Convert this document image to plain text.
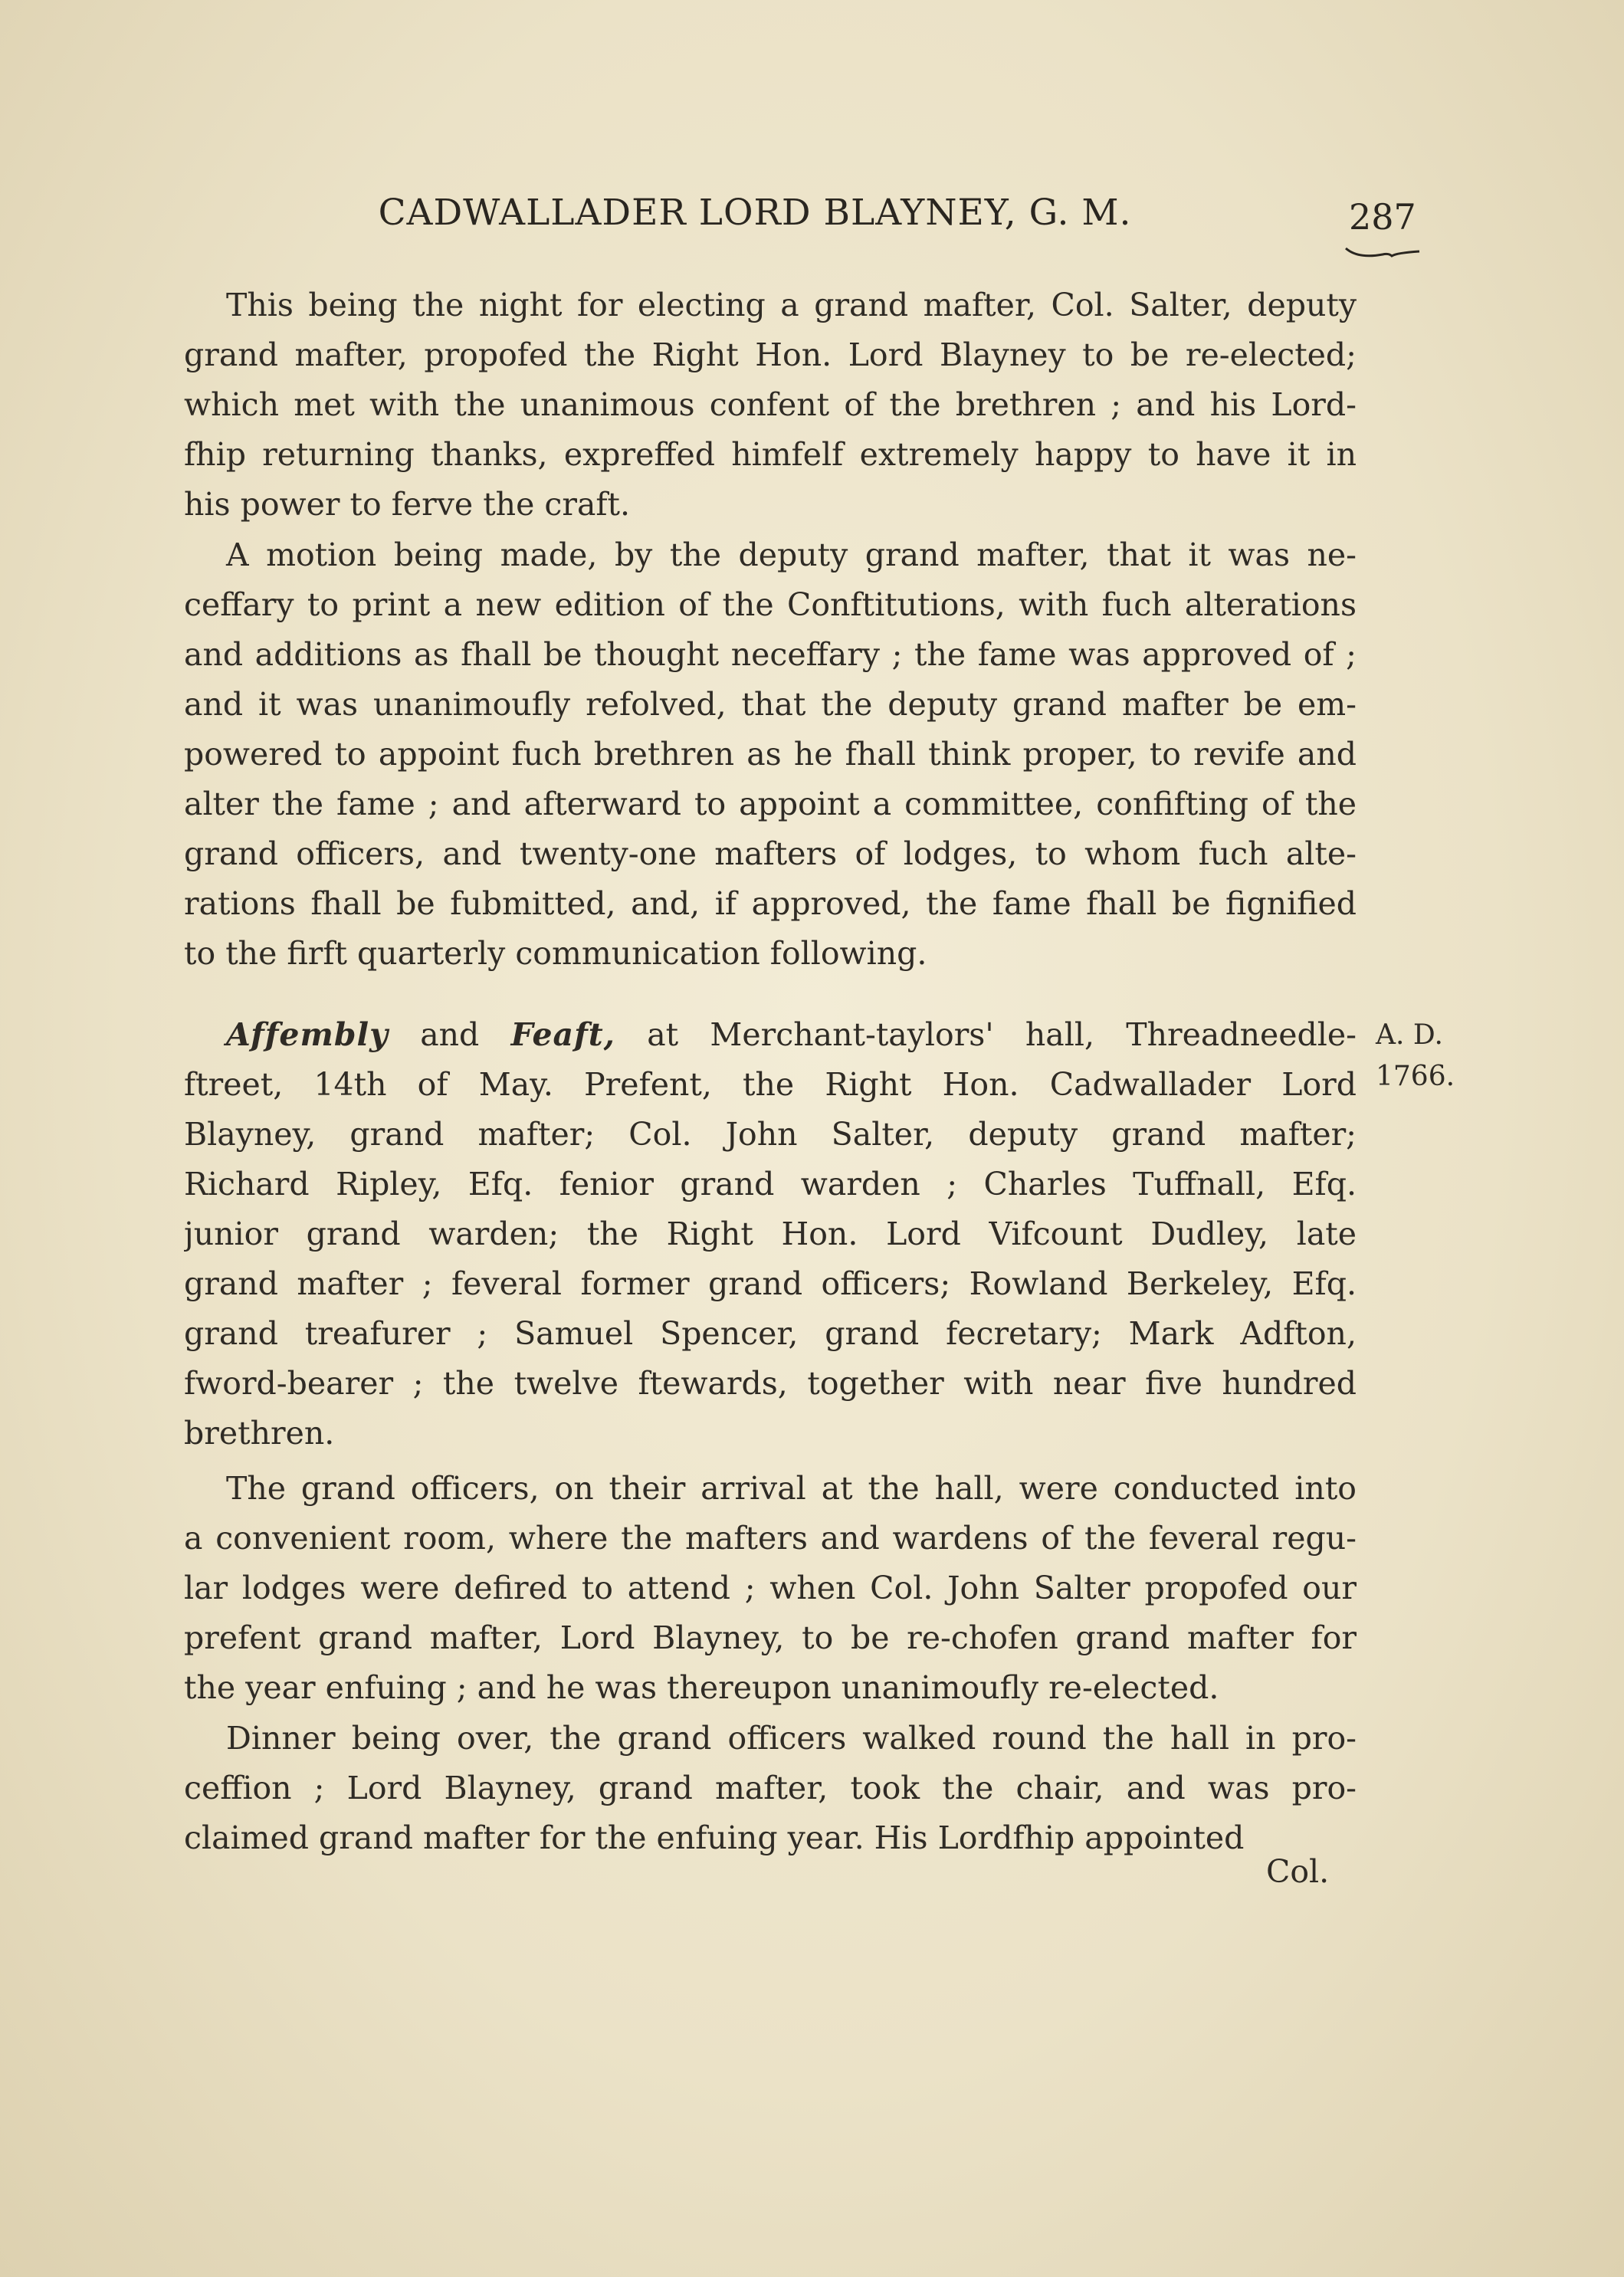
CADWALLADER LORD BLAYNEY, G. M.	287
This being the night for electing a grand mafter, Col. Salter, deputy
grand mafter, propofed the Right Hon. Lord Blayney to be re-elected;
which met with the unanimous confent of the brethren ; and his Lord-
fhip returning thanks, expreffed himfelf extremely happy to have it in
his power to ferve the craft.
A motion being made, by the deputy grand mafter, that it was ne-
ceffary to print a new edition of the Conftitutions, with fuch alterations
and additions as fhall be thought neceffary ; the fame was approved of ;
and it was unanimoufly refolved, that the deputy grand mafter be em-
powered to appoint fuch brethren as he fhall think proper, to revife and
alter the fame ; and afterward to appoint a committee, confifting of the
grand officers, and twenty-one mafters of lodges, to whom fuch alte-
rations fhall be fubmitted, and, if approved, the fame fhall be fignified
to the firft quarterly communication following.
Affembly and Feaft, at Merchant-taylors' hall, Threadneedle-
ftreet, 14th of May. Prefent, the Right Hon. Cadwallader Lord
Blayney, grand mafter; Col. John Salter, deputy grand mafter;
Richard Ripley, Efq. fenior grand warden ; Charles Tuffnall, Efq.
junior grand warden; the Right Hon. Lord Vifcount Dudley, late
grand mafter ; feveral former grand officers; Rowland Berkeley, Efq.
grand treafurer ; Samuel Spencer, grand fecretary; Mark Adfton,
fword-bearer ; the twelve ftewards, together with near five hundred
brethren.
A. D.
1766.
The grand officers, on their arrival at the hall, were conducted into
a convenient room, where the mafters and wardens of the feveral regu-
lar lodges were defired to attend ; when Col. John Salter propofed our
prefent grand mafter, Lord Blayney, to be re-chofen grand mafter for
the year enfuing ; and he was thereupon unanimoufly re-elected.
Dinner being over, the grand officers walked round the hall in pro-
ceffion ; Lord Blayney, grand mafter, took the chair, and was pro-
claimed grand mafter for the enfuing year. His Lordfhip appointed
Col.
